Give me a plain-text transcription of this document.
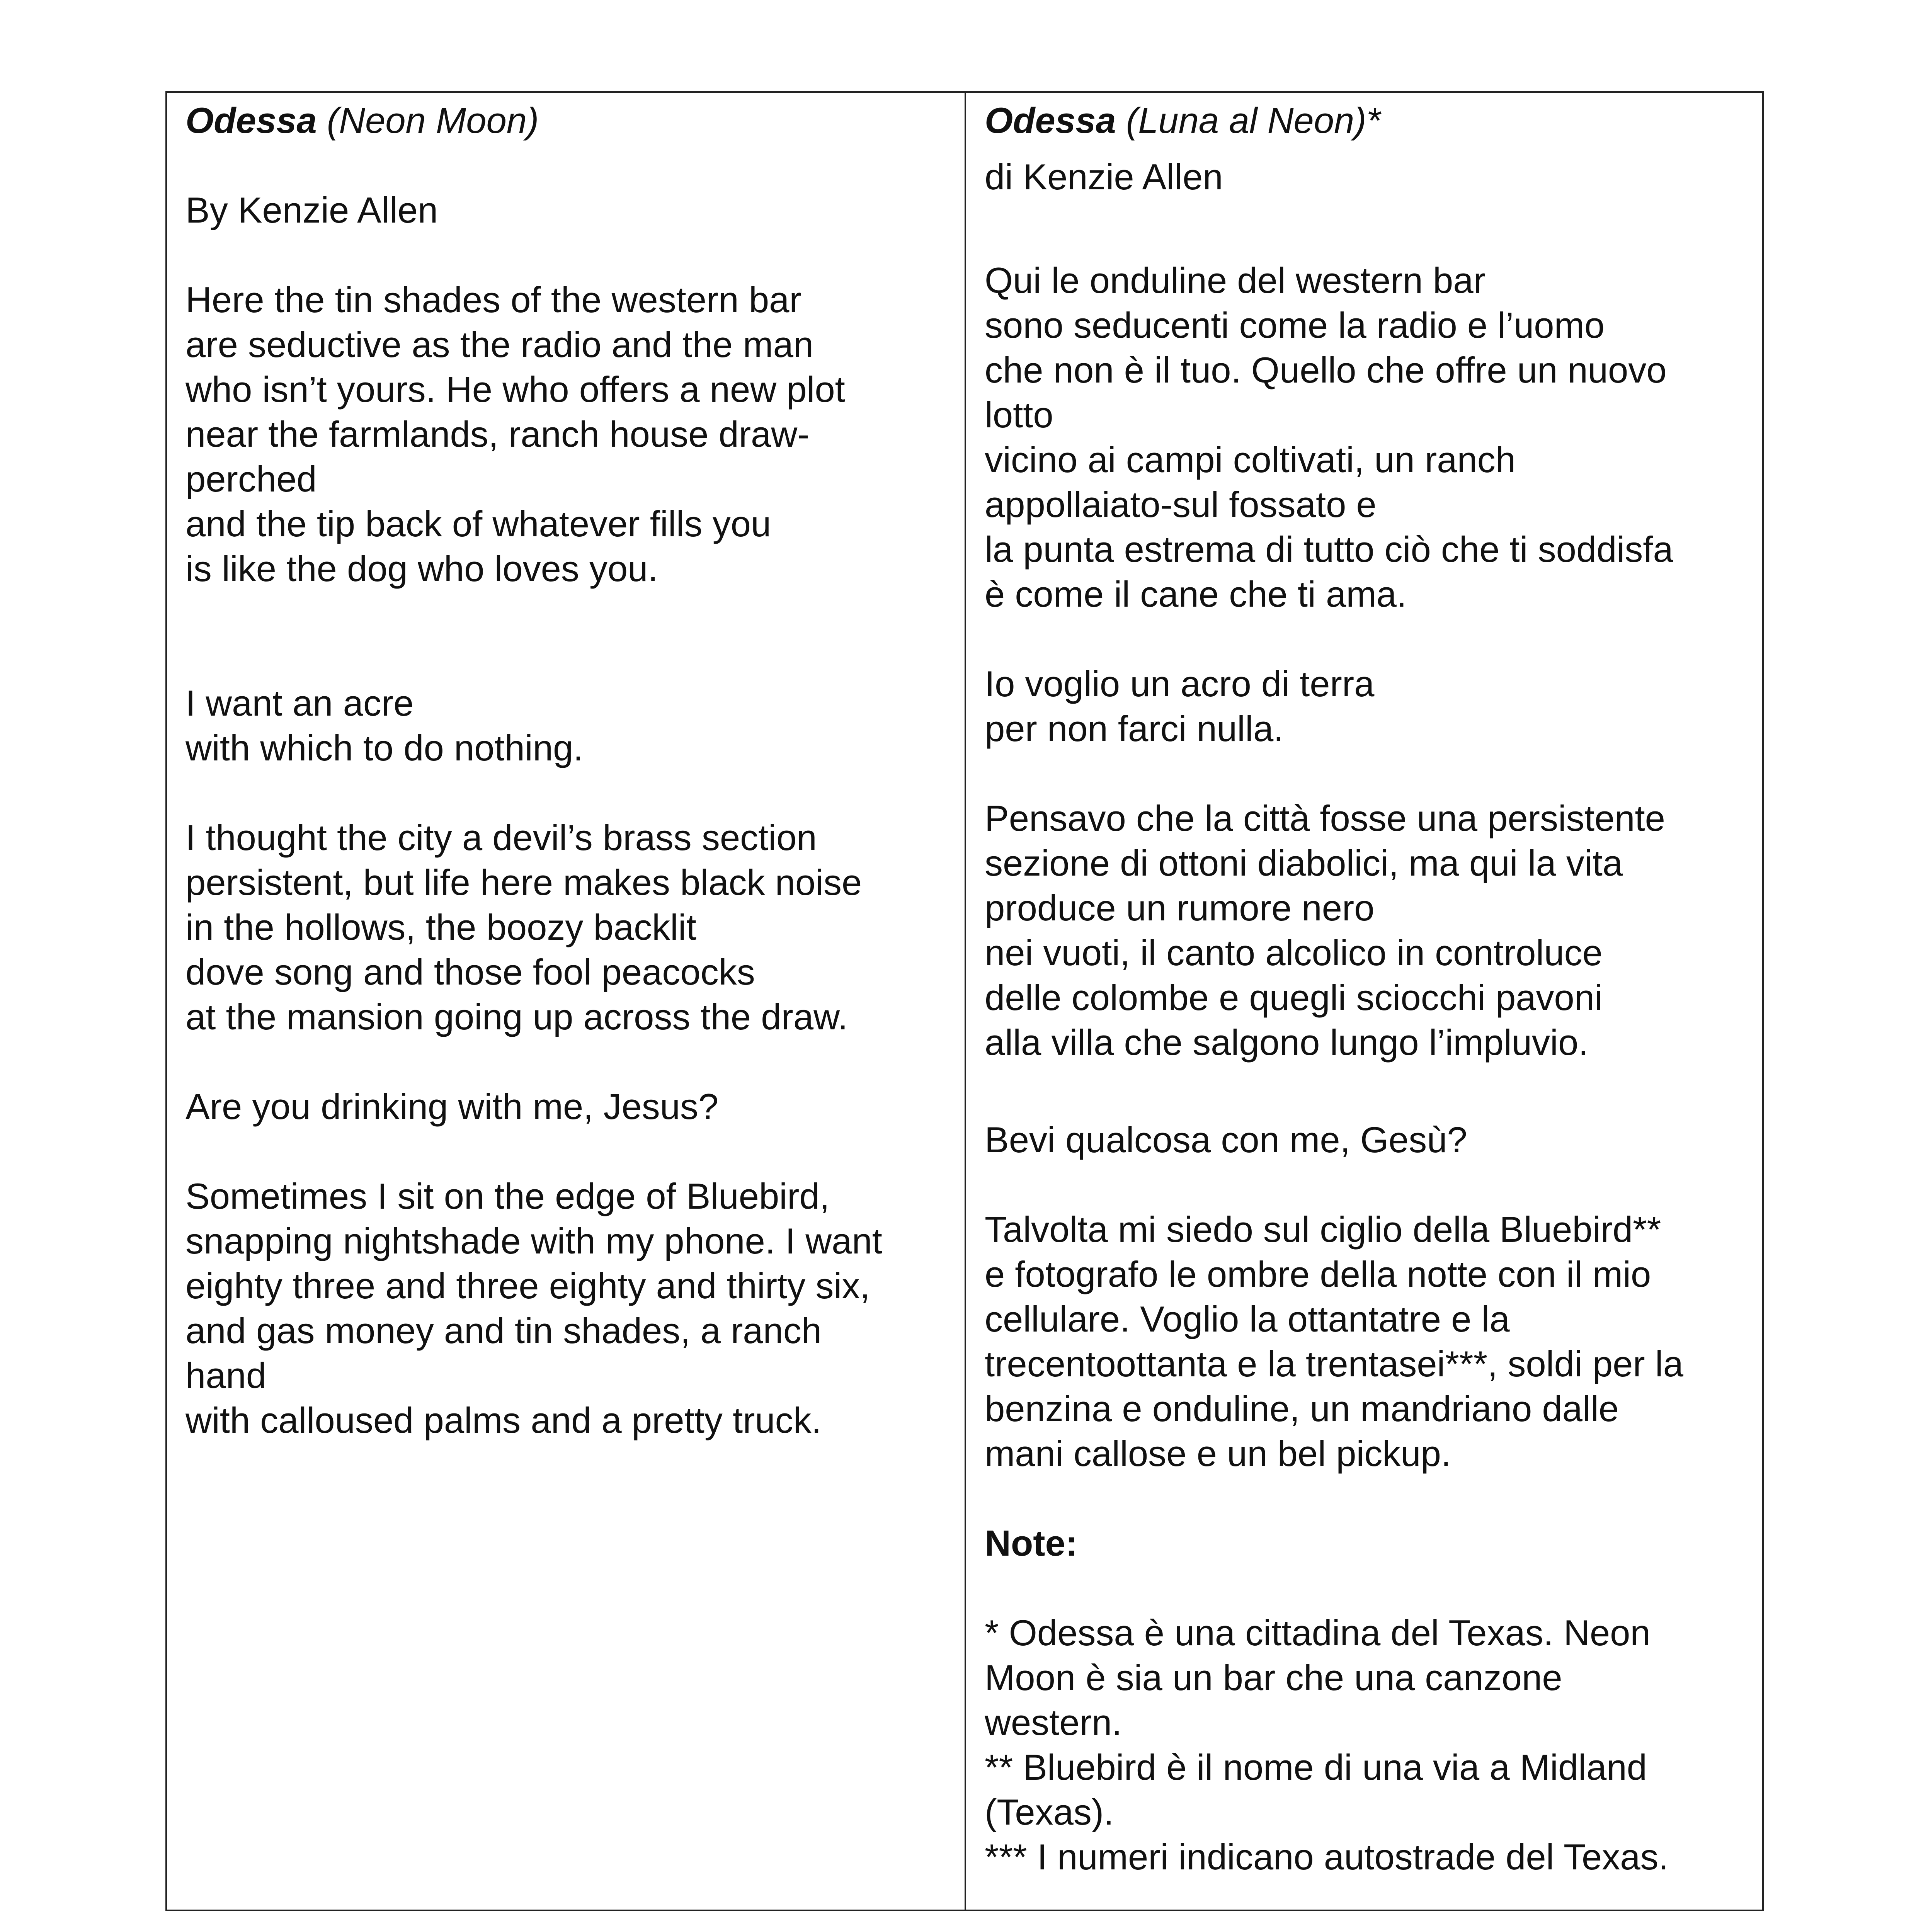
Odessa (Neon Moon)

By Kenzie Allen

Here the tin shades of the western bar
are seductive as the radio and the man
who isn’t yours. He who offers a new plot
near the farmlands, ranch house draw-
perched
and the tip back of whatever fills you
is like the dog who loves you.

I want an acre
with which to do nothing.

I thought the city a devil’s brass section
persistent, but life here makes black noise
in the hollows, the boozy backlit
dove song and those fool peacocks
at the mansion going up across the draw.

Are you drinking with me, Jesus?

Sometimes I sit on the edge of Bluebird,
snapping nightshade with my phone. I want
eighty three and three eighty and thirty six,
and gas money and tin shades, a ranch
hand
with calloused palms and a pretty truck.

Odessa (Luna al Neon)*

di Kenzie Allen

Qui le onduline del western bar
sono seducenti come la radio e l’uomo
che non è il tuo. Quello che offre un nuovo
lotto
vicino ai campi coltivati, un ranch
appollaiato-sul fossato e
la punta estrema di tutto ciò che ti soddisfa
è come il cane che ti ama.

Io voglio un acro di terra
per non farci nulla.

Pensavo che la città fosse una persistente
sezione di ottoni diabolici, ma qui la vita
produce un rumore nero
nei vuoti, il canto alcolico in controluce
delle colombe e quegli sciocchi pavoni
alla villa che salgono lungo l’impluvio.

Bevi qualcosa con me, Gesù?

Talvolta mi siedo sul ciglio della Bluebird**
e fotografo le ombre della notte con il mio
cellulare. Voglio la ottantatre e la
trecentoottanta e la trentasei***, soldi per la
benzina e onduline, un mandriano dalle
mani callose e un bel pickup.

Note:

* Odessa è una cittadina del Texas. Neon
Moon è sia un bar che una canzone
western.
** Bluebird è il nome di una via a Midland
(Texas).
*** I numeri indicano autostrade del Texas.
